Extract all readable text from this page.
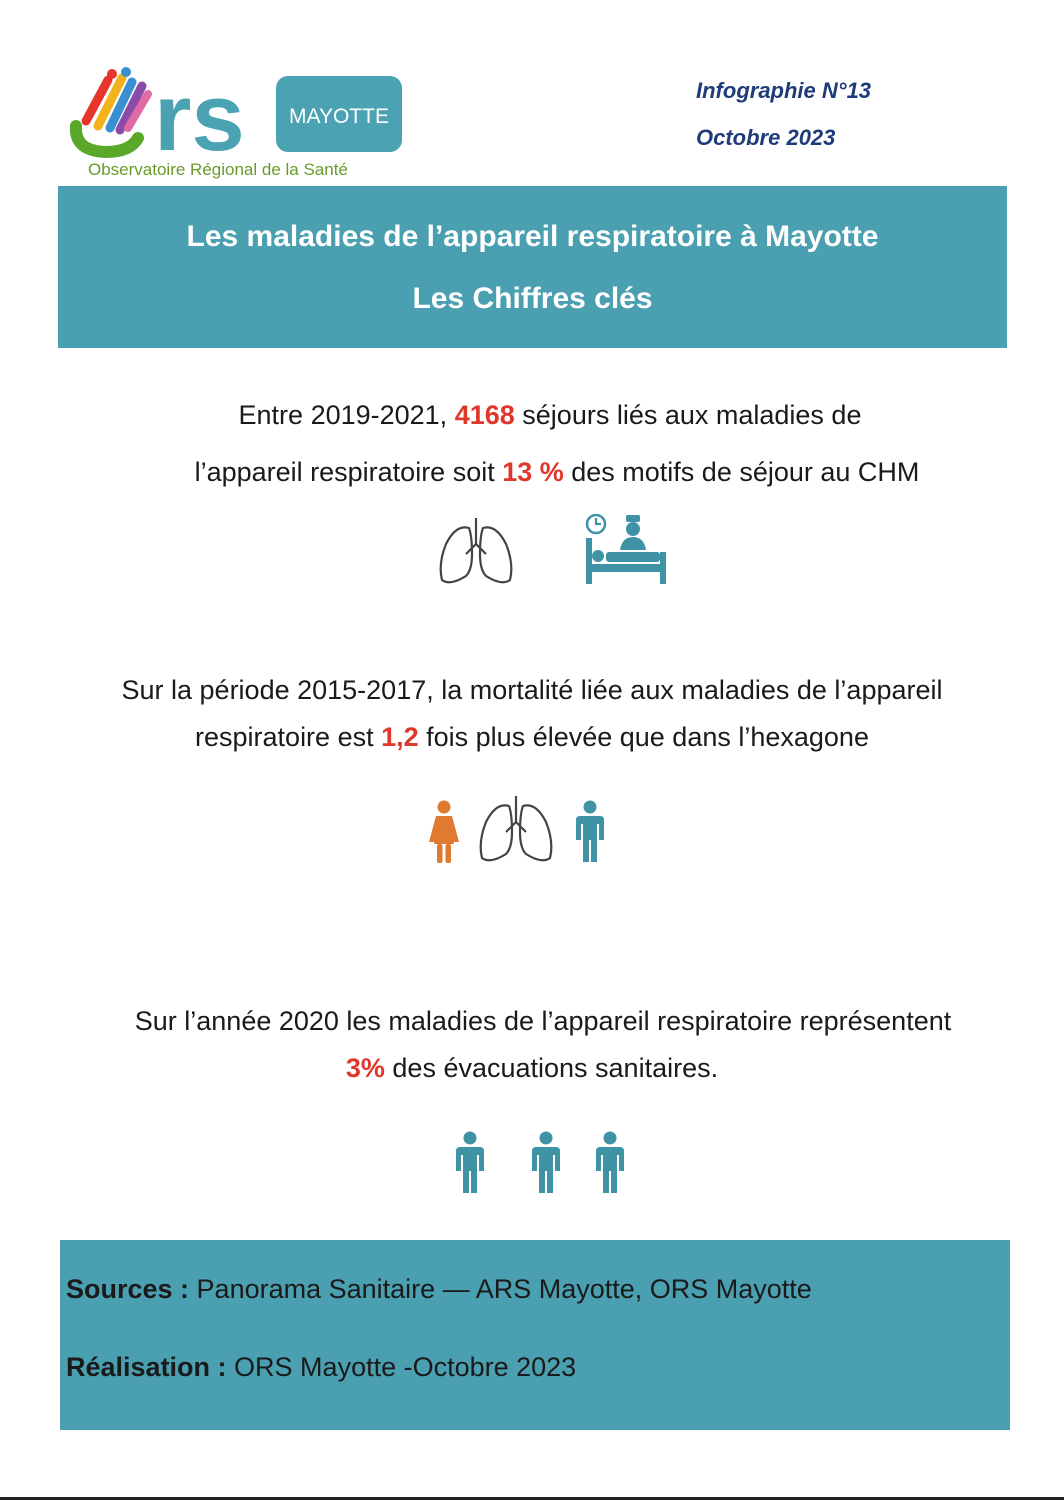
rs MAYOTTE
Observatoire Régional de la Santé
Infographie N°13
Octobre 2023
Les maladies de l’appareil respiratoire à Mayotte
Les Chiffres clés

Entre 2019-2021, 4168 séjours liés aux maladies de

l’appareil respiratoire soit 13 % des motifs de séjour au CHM

Sur la période 2015-2017, la mortalité liée aux maladies de l’appareil

respiratoire est 1,2 fois plus élevée que dans l’hexagone

Sur l’année 2020 les maladies de l’appareil respiratoire représentent

3% des évacuations sanitaires.

Sources : Panorama Sanitaire — ARS Mayotte, ORS Mayotte
Réalisation : ORS Mayotte -Octobre 2023
